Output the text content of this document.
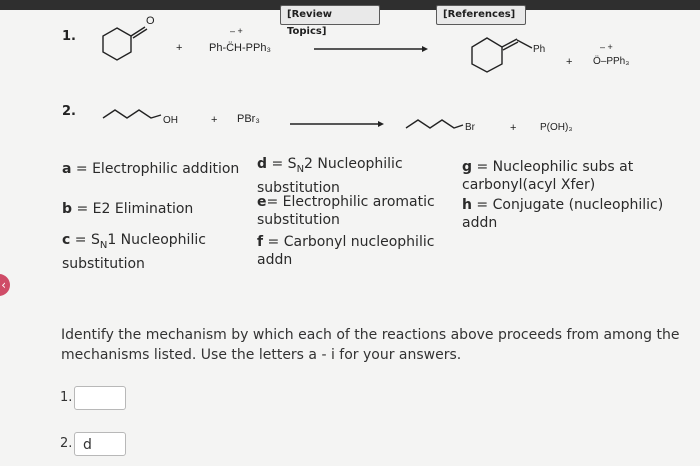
[Review Topics]
[References]
O
1.
+
– +
Ph-C̈H-PPh₃	Ph
+
– +
Ö–PPh₃
2.
OH	+ PBr₃
Br	+ P(OH)₃
a = Electrophilic addition
b = E2 Elimination
$c = S_N1$ Nucleophilic
substitution
$d = S_N2$ Nucleophilic
substitution
e= Electrophilic aromatic
substitution
f = Carbonyl nucleophilic
addn
g = Nucleophilic subs at
carbonyl(acyl Xfer)
h = Conjugate (nucleophilic)
addn
‹
Identify the mechanism by which each of the reactions above proceeds from among the mechanisms listed. Use the letters a - i for your answers.
1.
2. d
